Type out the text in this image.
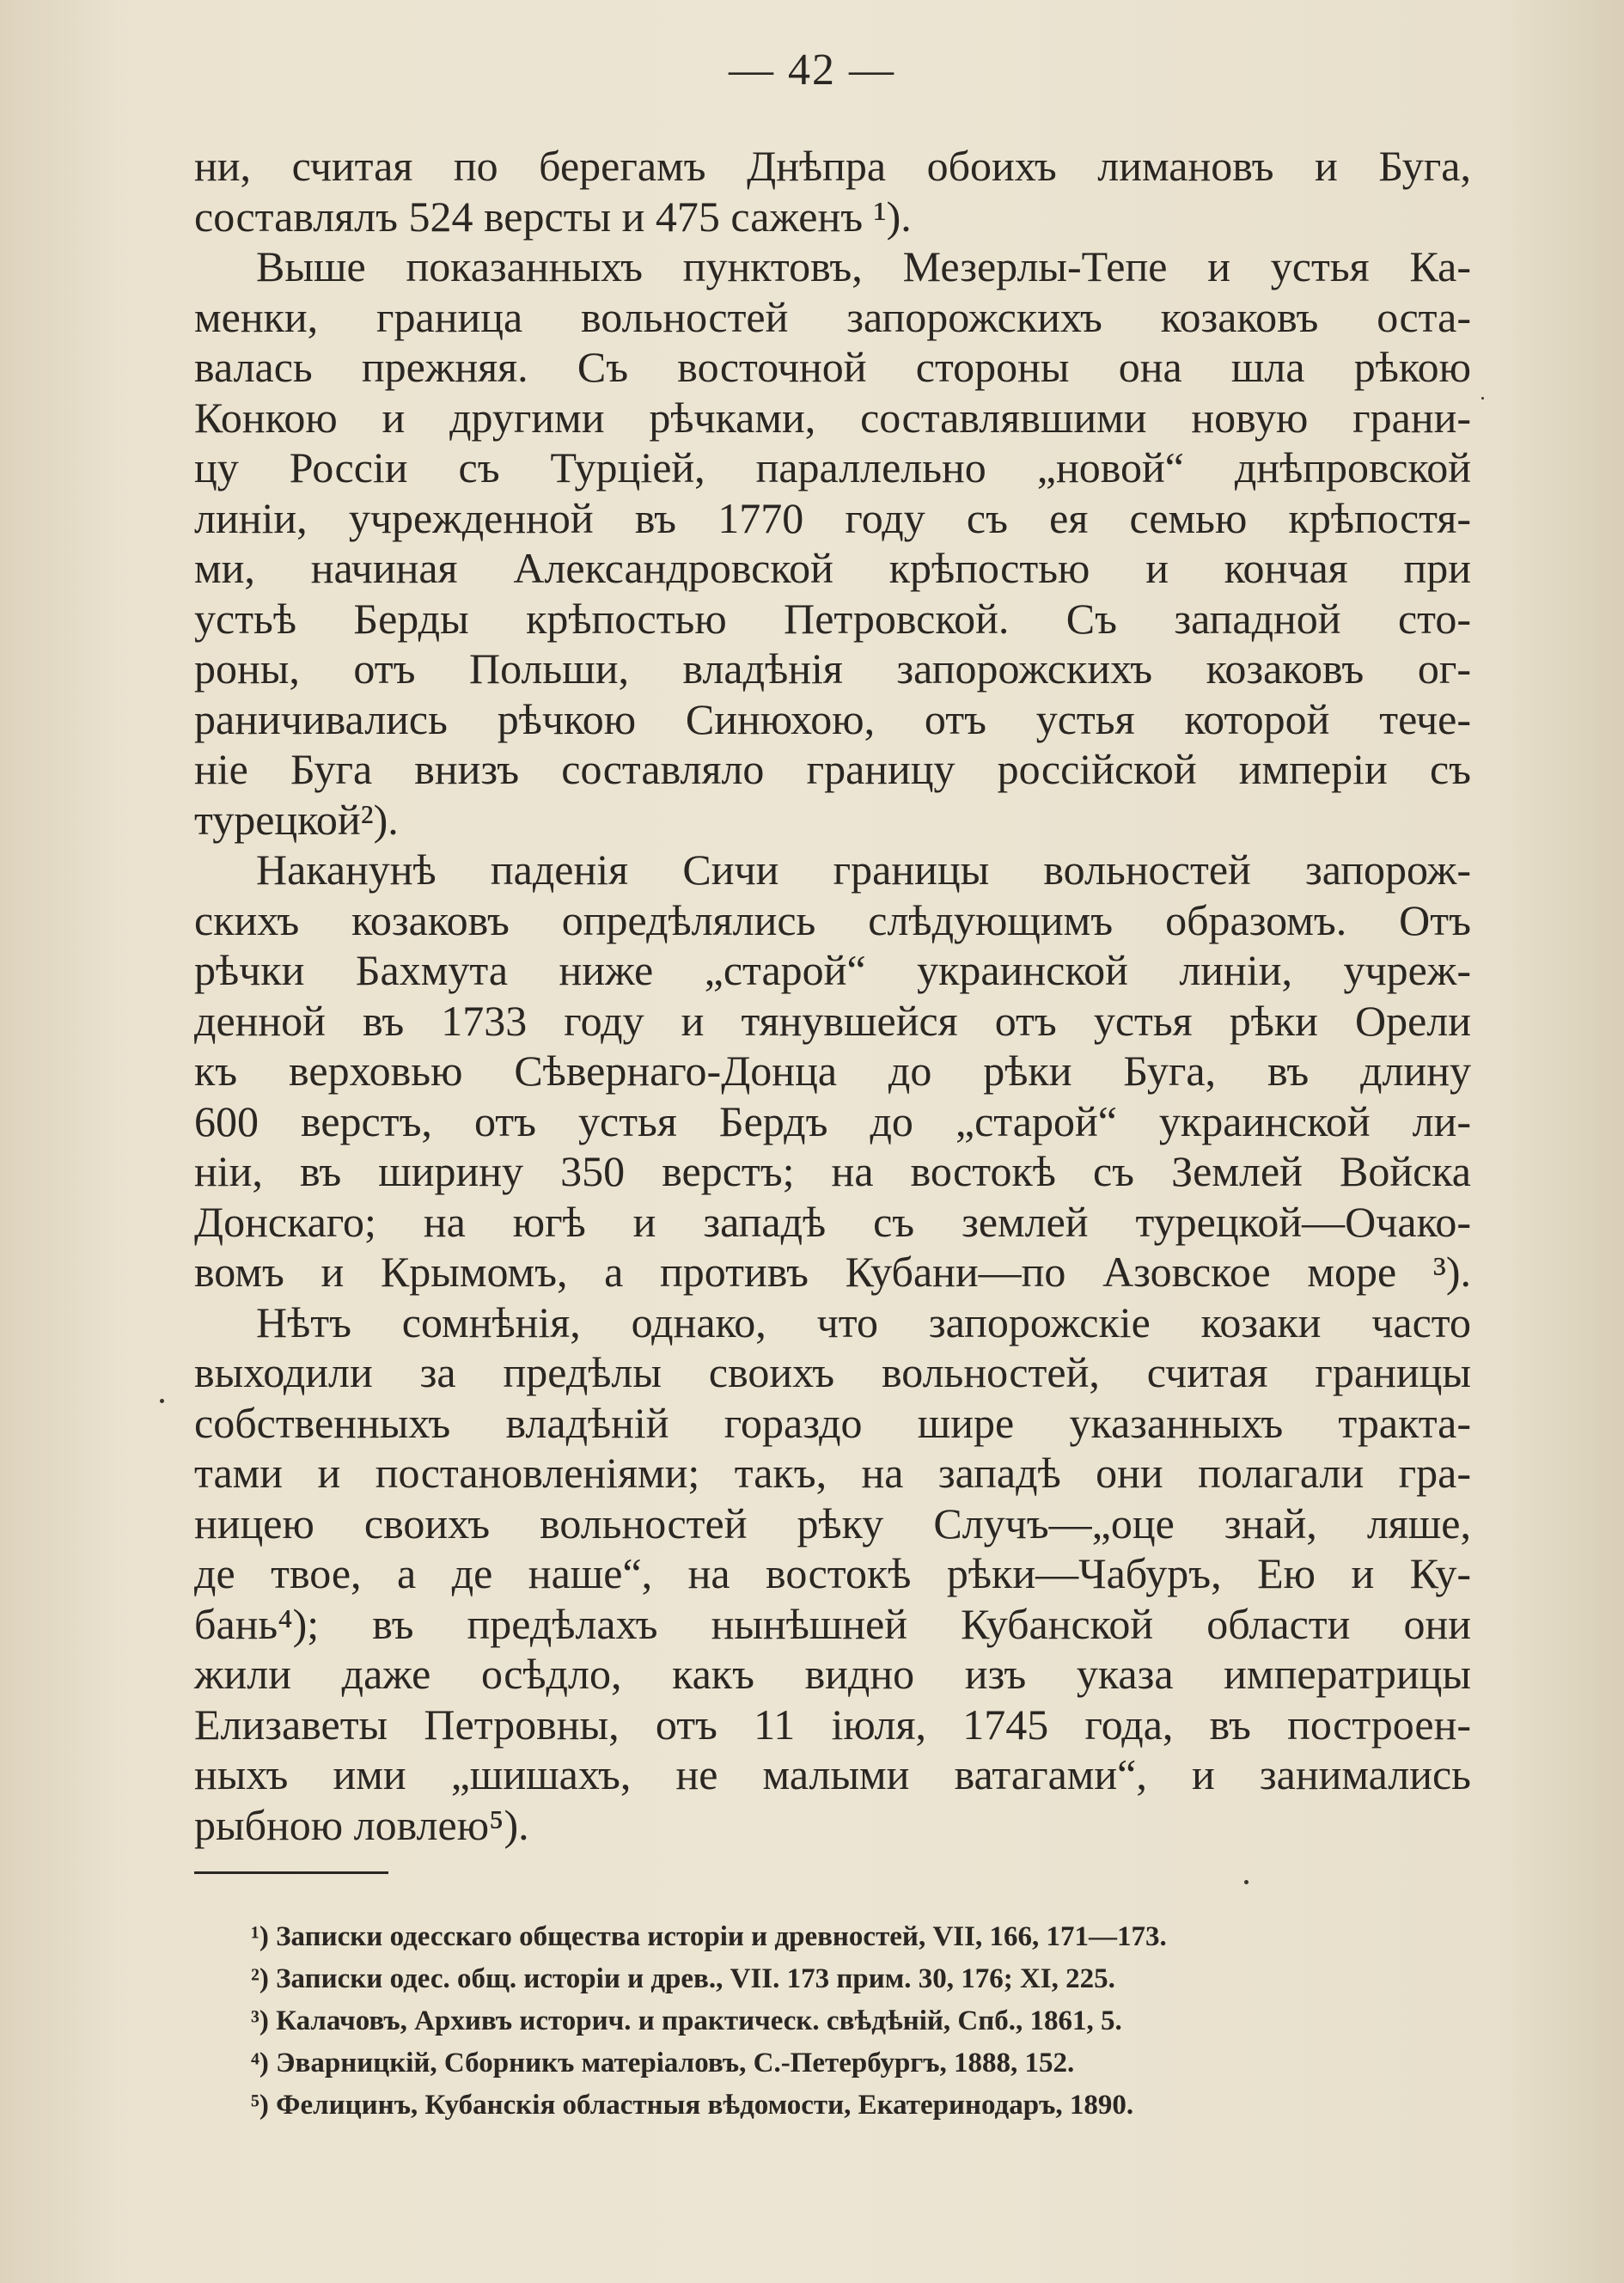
— 42 —
ни, считая по берегамъ Днѣпра обоихъ лимановъ и Буга,
составлялъ 524 версты и 475 саженъ ¹).
Выше показанныхъ пунктовъ, Мезерлы-Тепе и устья Ка-
менки, граница вольностей запорожскихъ козаковъ оста-
валась прежняя. Съ восточной стороны она шла рѣкою
Конкою и другими рѣчками, составлявшими новую грани-
цу Россiи съ Турцiей, параллельно „новой“ днѣпровской
линiи, учрежденной въ 1770 году съ ея семью крѣпостя-
ми, начиная Александровской крѣпостью и кончая при
устьѣ Берды крѣпостью Петровской. Съ западной сто-
роны, отъ Польши, владѣнiя запорожскихъ козаковъ ог-
раничивались рѣчкою Синюхою, отъ устья которой тече-
нiе Буга внизъ составляло границу россiйской имперiи съ
турецкой²).
Наканунѣ паденiя Сичи границы вольностей запорож-
скихъ козаковъ опредѣлялись слѣдующимъ образомъ. Отъ
рѣчки Бахмута ниже „старой“ украинской линiи, учреж-
денной въ 1733 году и тянувшейся отъ устья рѣки Орели
къ верховью Сѣвернаго-Донца до рѣки Буга, въ длину
600 верстъ, отъ устья Бердъ до „старой“ украинской ли-
нiи, въ ширину 350 верстъ; на востокѣ съ Землей Войска
Донскаго; на югѣ и западѣ съ землей турецкой—Очако-
вомъ и Крымомъ, а противъ Кубани—по Азовское море ³).
Нѣтъ сомнѣнiя, однако, что запорожскiе козаки часто
выходили за предѣлы своихъ вольностей, считая границы
собственныхъ владѣнiй гораздо шире указанныхъ тракта-
тами и постановленiями; такъ, на западѣ они полагали гра-
ницею своихъ вольностей рѣку Случъ—„оце знай, ляше,
де твое, а де наше“, на востокѣ рѣки—Чабуръ, Ею и Ку-
бань⁴); въ предѣлахъ нынѣшней Кубанской области они
жили даже осѣдло, какъ видно изъ указа императрицы
Елизаветы Петровны, отъ 11 iюля, 1745 года, въ построен-
ныхъ ими „шишахъ, не малыми ватагами“, и занимались
рыбною ловлею⁵).
¹) Записки одесскаго общества исторiи и древностей, VII, 166, 171—173.
²) Записки одес. общ. исторiи и древ., VII. 173 прим. 30, 176; XI, 225.
³) Калачовъ, Архивъ историч. и практическ. свѣдѣнiй, Спб., 1861, 5.
⁴) Эварницкiй, Сборникъ матерiаловъ, С.-Петербургъ, 1888, 152.
⁵) Фелицинъ, Кубанскiя областныя вѣдомости, Екатеринодаръ, 1890.
